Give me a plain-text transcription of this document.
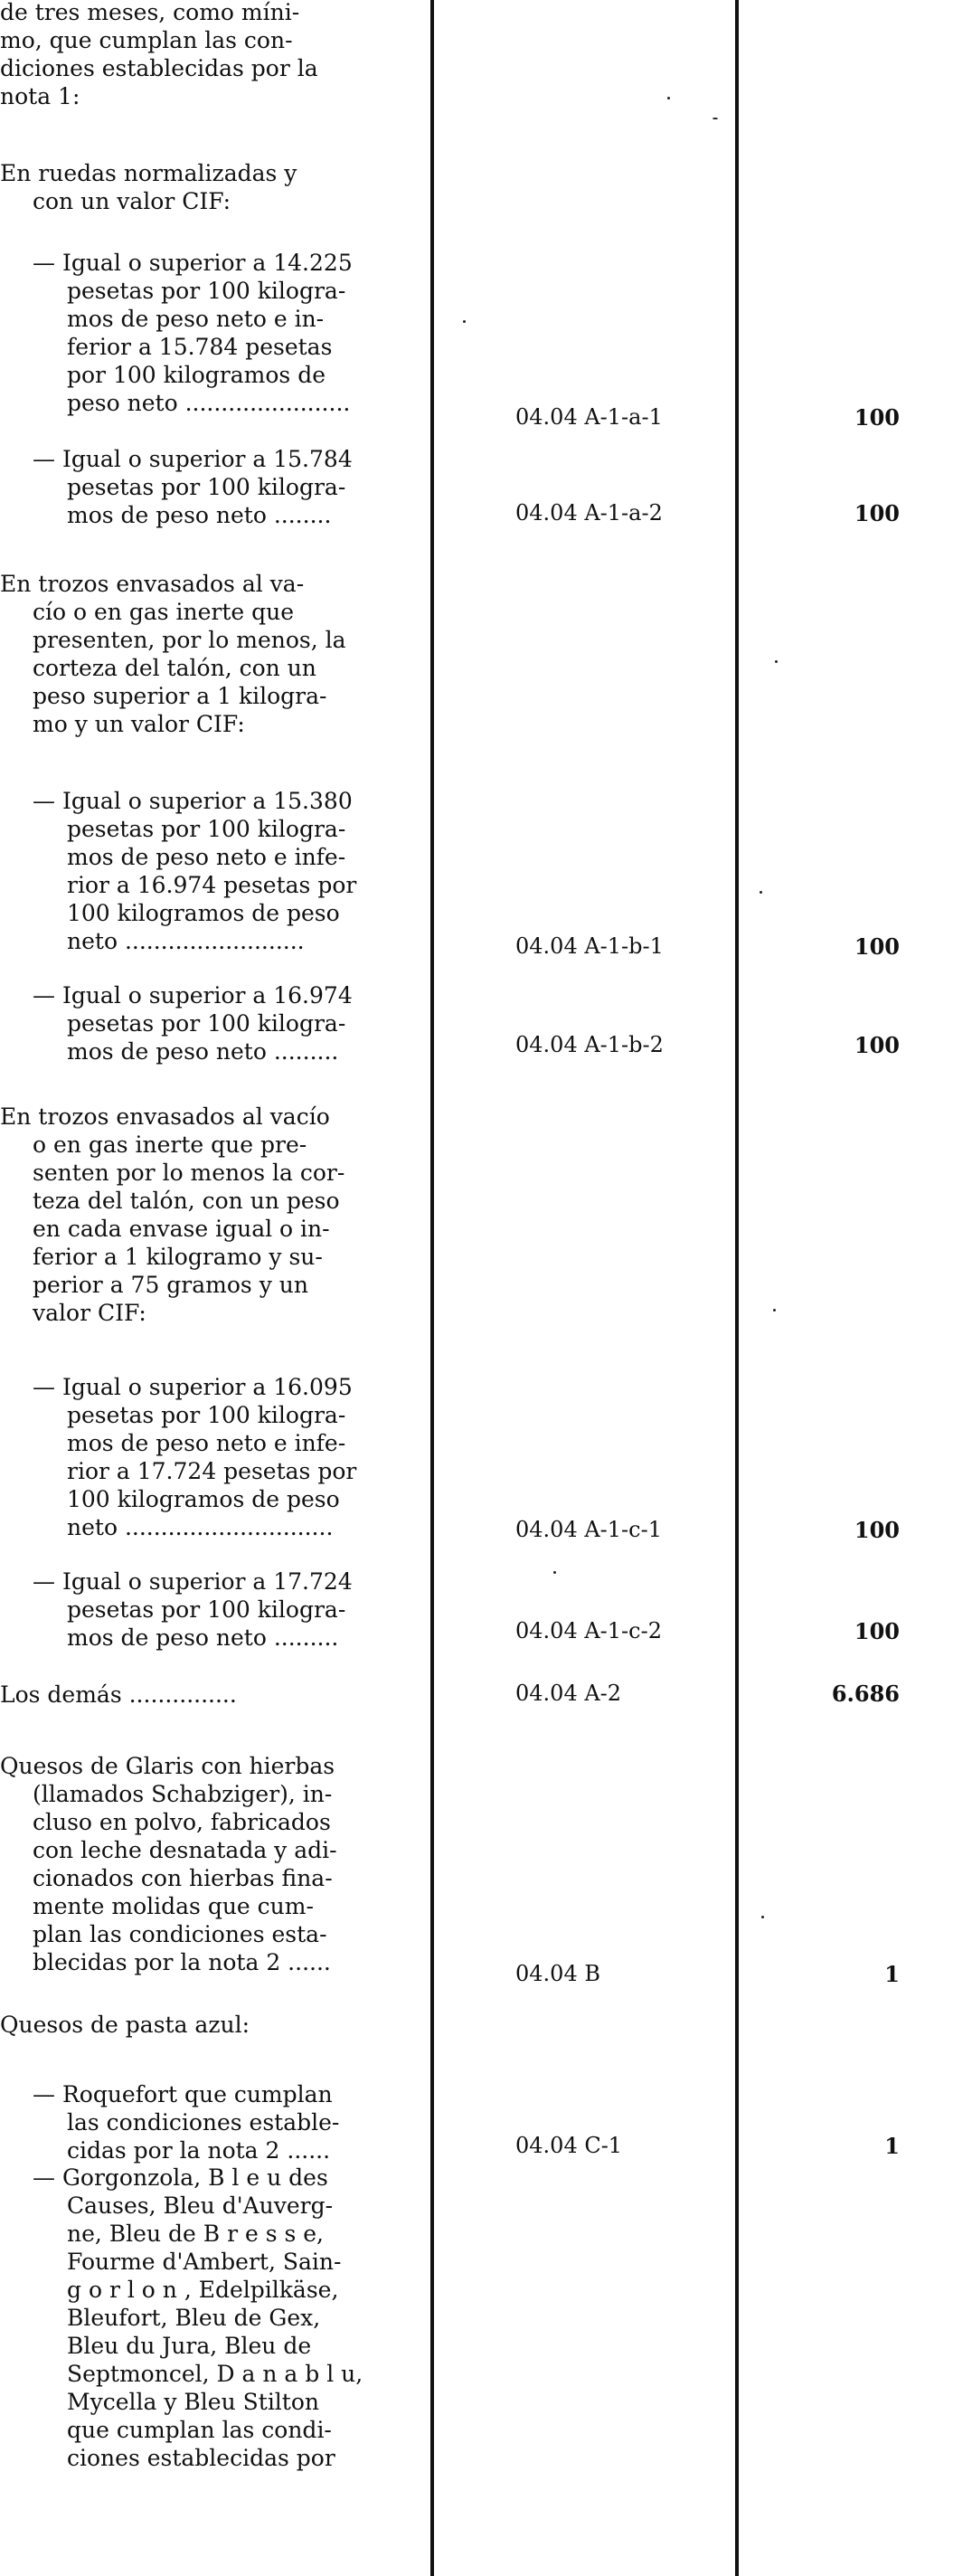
de tres meses, como míni-
mo, que cumplan las con-
diciones establecidas por la
nota 1:
En ruedas normalizadas y
con un valor CIF:
— Igual o superior a 14.225
pesetas por 100 kilogra-
mos de peso neto e in-
ferior a 15.784 pesetas
por 100 kilogramos de
peso neto .......................
— Igual o superior a 15.784
pesetas por 100 kilogra-
mos de peso neto ........
En trozos envasados al va-
cío o en gas inerte que
presenten, por lo menos, la
corteza del talón, con un
peso superior a 1 kilogra-
mo y un valor CIF:
— Igual o superior a 15.380
pesetas por 100 kilogra-
mos de peso neto e infe-
rior a 16.974 pesetas por
100 kilogramos de peso
neto .........................
— Igual o superior a 16.974
pesetas por 100 kilogra-
mos de peso neto .........
En trozos envasados al vacío
o en gas inerte que pre-
senten por lo menos la cor-
teza del talón, con un peso
en cada envase igual o in-
ferior a 1 kilogramo y su-
perior a 75 gramos y un
valor CIF:
— Igual o superior a 16.095
pesetas por 100 kilogra-
mos de peso neto e infe-
rior a 17.724 pesetas por
100 kilogramos de peso
neto .............................
— Igual o superior a 17.724
pesetas por 100 kilogra-
mos de peso neto .........
Los demás ...............
Quesos de Glaris con hierbas
(llamados Schabziger), in-
cluso en polvo, fabricados
con leche desnatada y adi-
cionados con hierbas fina-
mente molidas que cum-
plan las condiciones esta-
blecidas por la nota 2 ......
Quesos de pasta azul:
— Roquefort que cumplan
las condiciones estable-
cidas por la nota 2 ......
— Gorgonzola, B l e u des
Causes, Bleu d'Auverg-
ne, Bleu de B r e s s e,
Fourme d'Ambert, Sain-
g o r l o n , Edelpilkäse,
Bleufort, Bleu de Gex,
Bleu du Jura, Bleu de
Septmoncel, D a n a b l u,
Mycella y Bleu Stilton
que cumplan las condi-
ciones establecidas por
04.04 A-1-a-1
04.04 A-1-a-2
04.04 A-1-b-1
04.04 A-1-b-2
04.04 A-1-c-1
04.04 A-1-c-2
04.04 A-2
04.04 B
04.04 C-1
100
100
100
100
100
100
6.686
1
1
